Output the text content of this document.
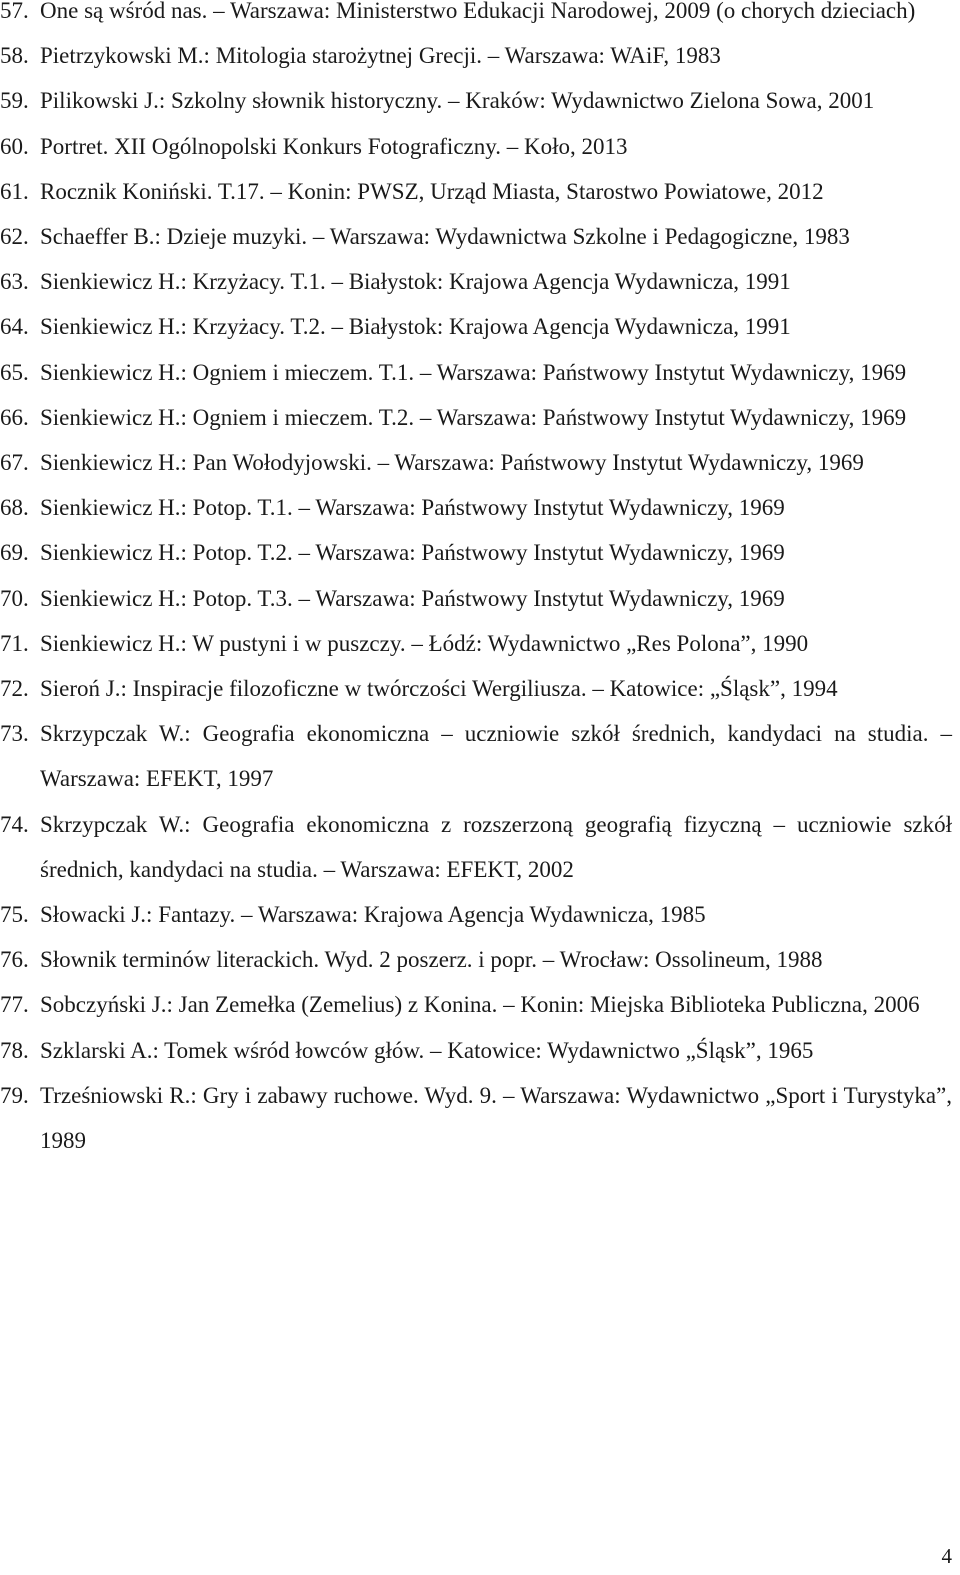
57. One są wśród nas. – Warszawa: Ministerstwo Edukacji Narodowej, 2009 (o chorych dzieciach)
58. Pietrzykowski M.: Mitologia starożytnej Grecji. – Warszawa: WAiF, 1983
59. Pilikowski J.: Szkolny słownik historyczny. – Kraków: Wydawnictwo Zielona Sowa, 2001
60. Portret. XII Ogólnopolski Konkurs Fotograficzny. – Koło, 2013
61. Rocznik Koniński. T.17. – Konin: PWSZ, Urząd Miasta, Starostwo Powiatowe, 2012
62. Schaeffer B.: Dzieje muzyki. – Warszawa: Wydawnictwa Szkolne i Pedagogiczne, 1983
63. Sienkiewicz H.: Krzyżacy. T.1. – Białystok: Krajowa Agencja Wydawnicza, 1991
64. Sienkiewicz H.: Krzyżacy. T.2. – Białystok: Krajowa Agencja Wydawnicza, 1991
65. Sienkiewicz H.: Ogniem i mieczem. T.1. – Warszawa: Państwowy Instytut Wydawniczy, 1969
66. Sienkiewicz H.: Ogniem i mieczem. T.2. – Warszawa: Państwowy Instytut Wydawniczy, 1969
67. Sienkiewicz H.: Pan Wołodyjowski. – Warszawa: Państwowy Instytut Wydawniczy, 1969
68. Sienkiewicz H.: Potop. T.1. – Warszawa: Państwowy Instytut Wydawniczy, 1969
69. Sienkiewicz H.: Potop. T.2. – Warszawa: Państwowy Instytut Wydawniczy, 1969
70. Sienkiewicz H.: Potop. T.3. – Warszawa: Państwowy Instytut Wydawniczy, 1969
71. Sienkiewicz H.: W pustyni i w puszczy. – Łódź: Wydawnictwo „Res Polona”, 1990
72. Sieroń J.: Inspiracje filozoficzne w twórczości Wergiliusza. – Katowice: „Śląsk”, 1994
73. Skrzypczak W.: Geografia ekonomiczna – uczniowie szkół średnich, kandydaci na studia. – Warszawa: EFEKT, 1997
74. Skrzypczak W.: Geografia ekonomiczna z rozszerzoną geografią fizyczną – uczniowie szkół średnich, kandydaci na studia. – Warszawa: EFEKT, 2002
75. Słowacki J.: Fantazy. – Warszawa: Krajowa Agencja Wydawnicza, 1985
76. Słownik terminów literackich. Wyd. 2 poszerz. i popr. – Wrocław: Ossolineum, 1988
77. Sobczyński J.: Jan Zemełka (Zemelius) z Konina. – Konin: Miejska Biblioteka Publiczna, 2006
78. Szklarski A.: Tomek wśród łowców głów. – Katowice: Wydawnictwo „Śląsk”, 1965
79. Trześniowski R.: Gry i zabawy ruchowe. Wyd. 9. – Warszawa: Wydawnictwo „Sport i Turystyka”, 1989
4
